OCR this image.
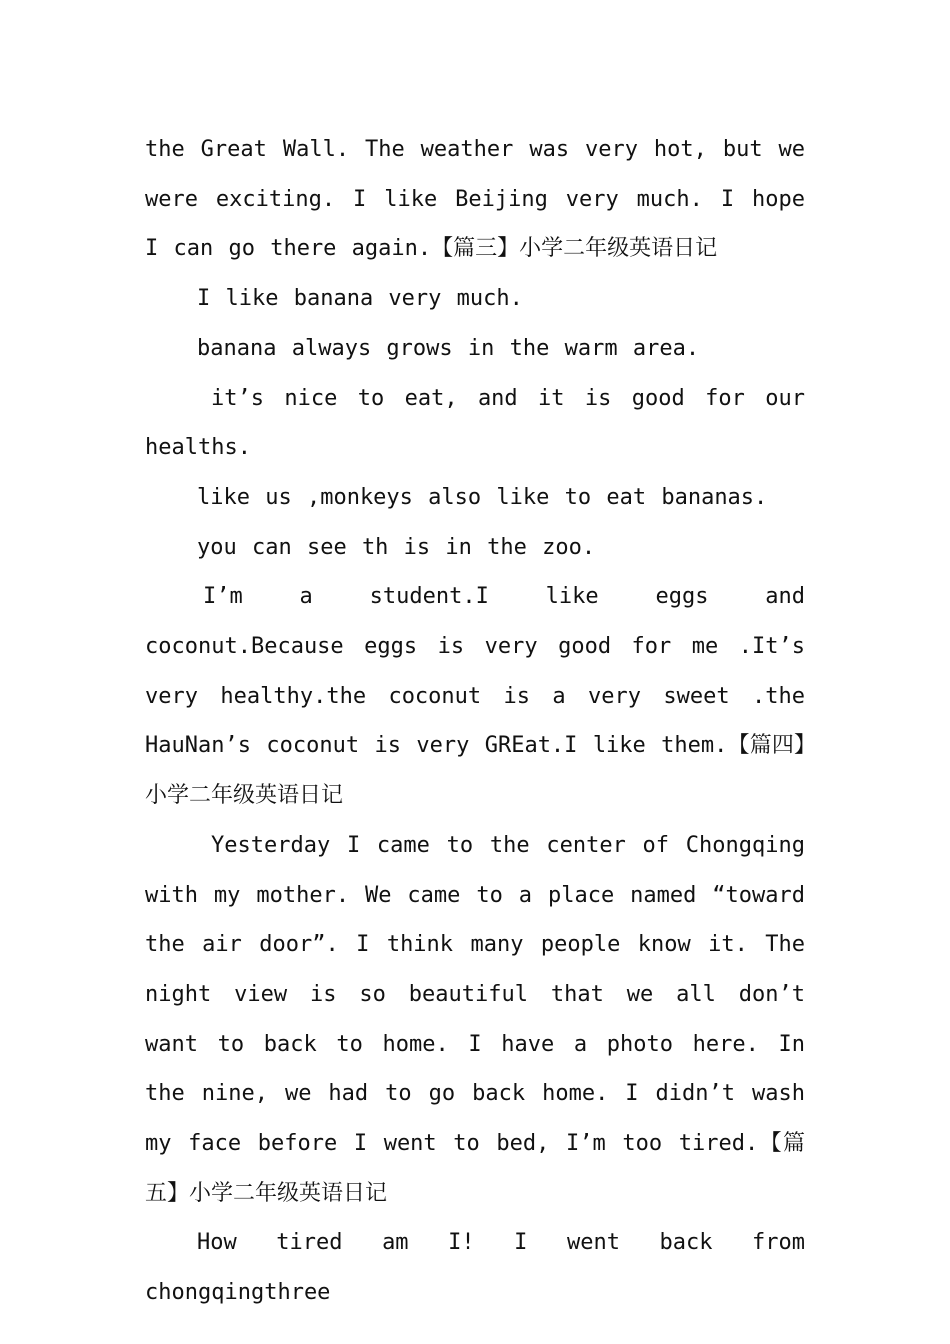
the Great Wall. The weather was very hot, but we were exciting. I like Beijing very much. I hope I can go there again.【篇三】小学二年级英语日记

I like banana very much.

banana always grows in the warm area.

it’s nice to eat, and it is good for our healths.

like us ,monkeys also like to eat bananas.

you can see th is in the zoo.

I’m a student.I like eggs and coconut.Because eggs is very good for me .It’s very healthy.the coconut is a very sweet .the HauNan’s coconut is very GREat.I like them.【篇四】小学二年级英语日记

Yesterday I came to the center of Chongqing with my mother. We came to a place named “toward the air door”. I think many people know it. The night view is so beautiful that we all don’t want to back to home. I have a photo here. In the nine, we had to go back home. I didn’t wash my face before I went to bed, I’m too tired.【篇五】小学二年级英语日记

How tired am I! I went back from chongqingthree
